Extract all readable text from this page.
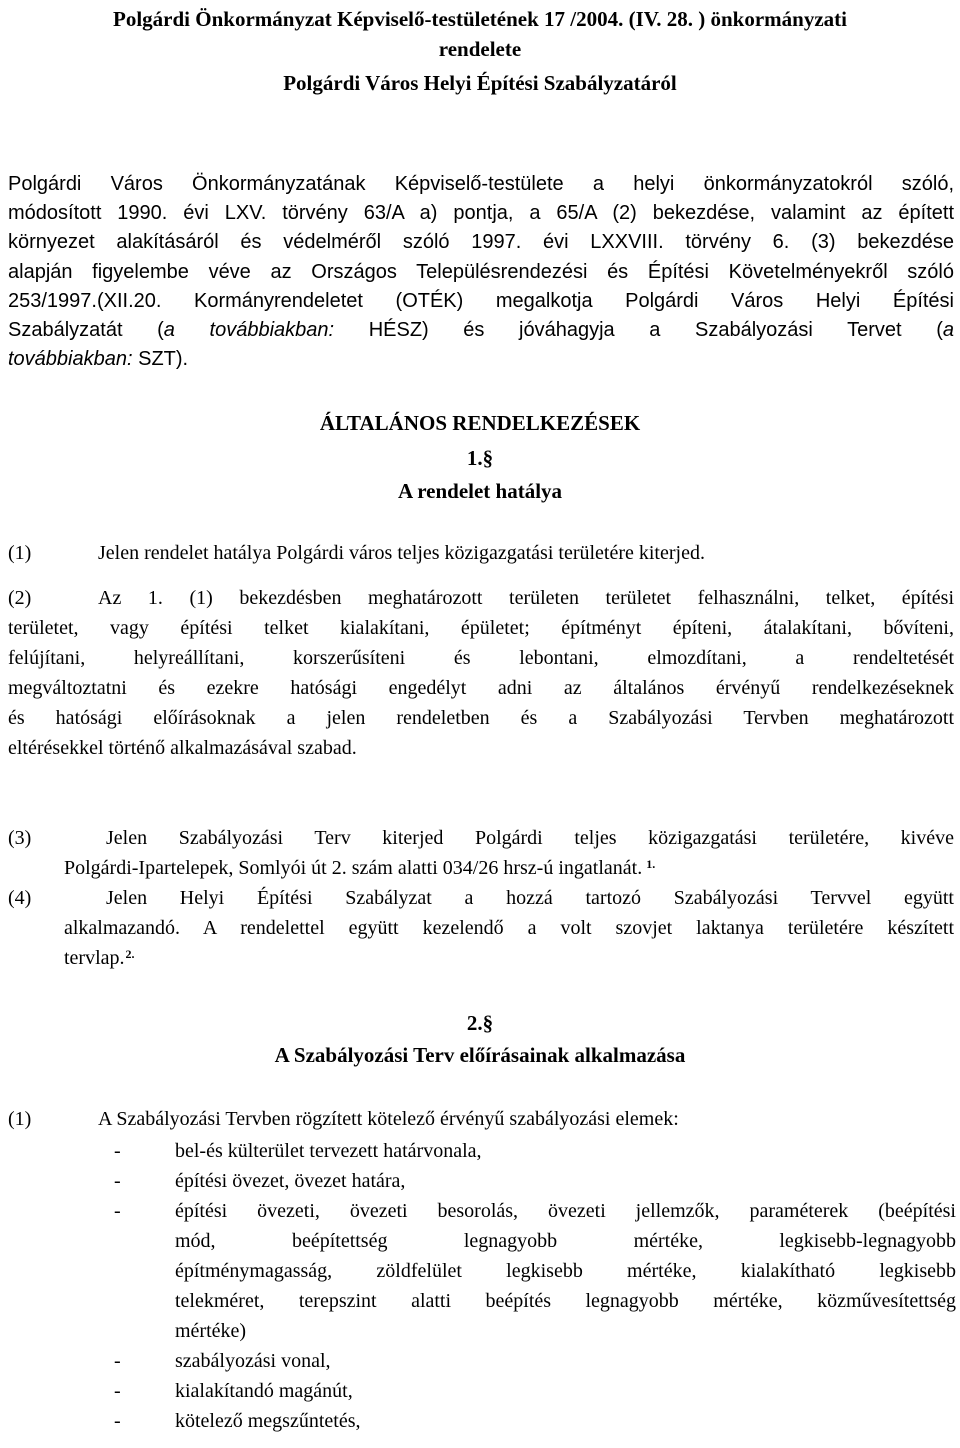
Polgárdi Önkormányzat Képviselő-testületének 17 /2004. (IV. 28. ) önkormányzati
rendelete
Polgárdi Város Helyi Építési Szabályzatáról
Polgárdi Város Önkormányzatának Képviselő-testülete a helyi önkormányzatokról szóló,
módosított 1990. évi LXV. törvény 63/A a) pontja, a 65/A (2) bekezdése, valamint az épített
környezet alakításáról és védelméről szóló 1997. évi LXXVIII. törvény 6. (3) bekezdése
alapján figyelembe véve az Országos Településrendezési és Építési Követelményekről szóló
253/1997.(XII.20. Kormányrendeletet (OTÉK) megalkotja Polgárdi Város Helyi Építési
Szabályzatát (a továbbiakban: HÉSZ) és jóváhagyja a Szabályozási Tervet (a
továbbiakban: SZT).
ÁLTALÁNOS RENDELKEZÉSEK
1.§
A rendelet hatálya
(1)	Jelen rendelet hatálya Polgárdi város teljes közigazgatási területére kiterjed.
(2)	Az 1. (1) bekezdésben meghatározott területen területet felhasználni, telket, építési
területet, vagy építési telket kialakítani, épületet; építményt építeni, átalakítani, bővíteni,
felújítani, helyreállítani, korszerűsíteni és lebontani, elmozdítani, a rendeltetését
megváltoztatni és ezekre hatósági engedélyt adni az általános érvényű rendelkezéseknek
és hatósági előírásoknak a jelen rendeletben és a Szabályozási Tervben meghatározott
eltérésekkel történő alkalmazásával szabad.
(3)	Jelen Szabályozási Terv kiterjed Polgárdi teljes közigazgatási területére, kivéve
Polgárdi-Ipartelepek, Somlyói út 2. szám alatti 034/26 hrsz-ú ingatlanát. $^{1.}$
(4)	Jelen Helyi Építési Szabályzat a hozzá tartozó Szabályozási Tervvel együtt
alkalmazandó. A rendelettel együtt kezelendő a volt szovjet laktanya területére készített
tervlap.$^{2.}$
2.§
A Szabályozási Terv előírásainak alkalmazása
(1)	A Szabályozási Tervben rögzített kötelező érvényű szabályozási elemek:
-	bel-és külterület tervezett határvonala,
-	építési övezet, övezet határa,
-	építési övezeti, övezeti besorolás, övezeti jellemzők, paraméterek (beépítési
mód, beépítettség legnagyobb mértéke, legkisebb-legnagyobb
építménymagasság, zöldfelület legkisebb mértéke, kialakítható legkisebb
telekméret, terepszint alatti beépítés legnagyobb mértéke, közművesítettség
mértéke)
-	szabályozási vonal,
-	kialakítandó magánút,
-	kötelező megszűntetés,
